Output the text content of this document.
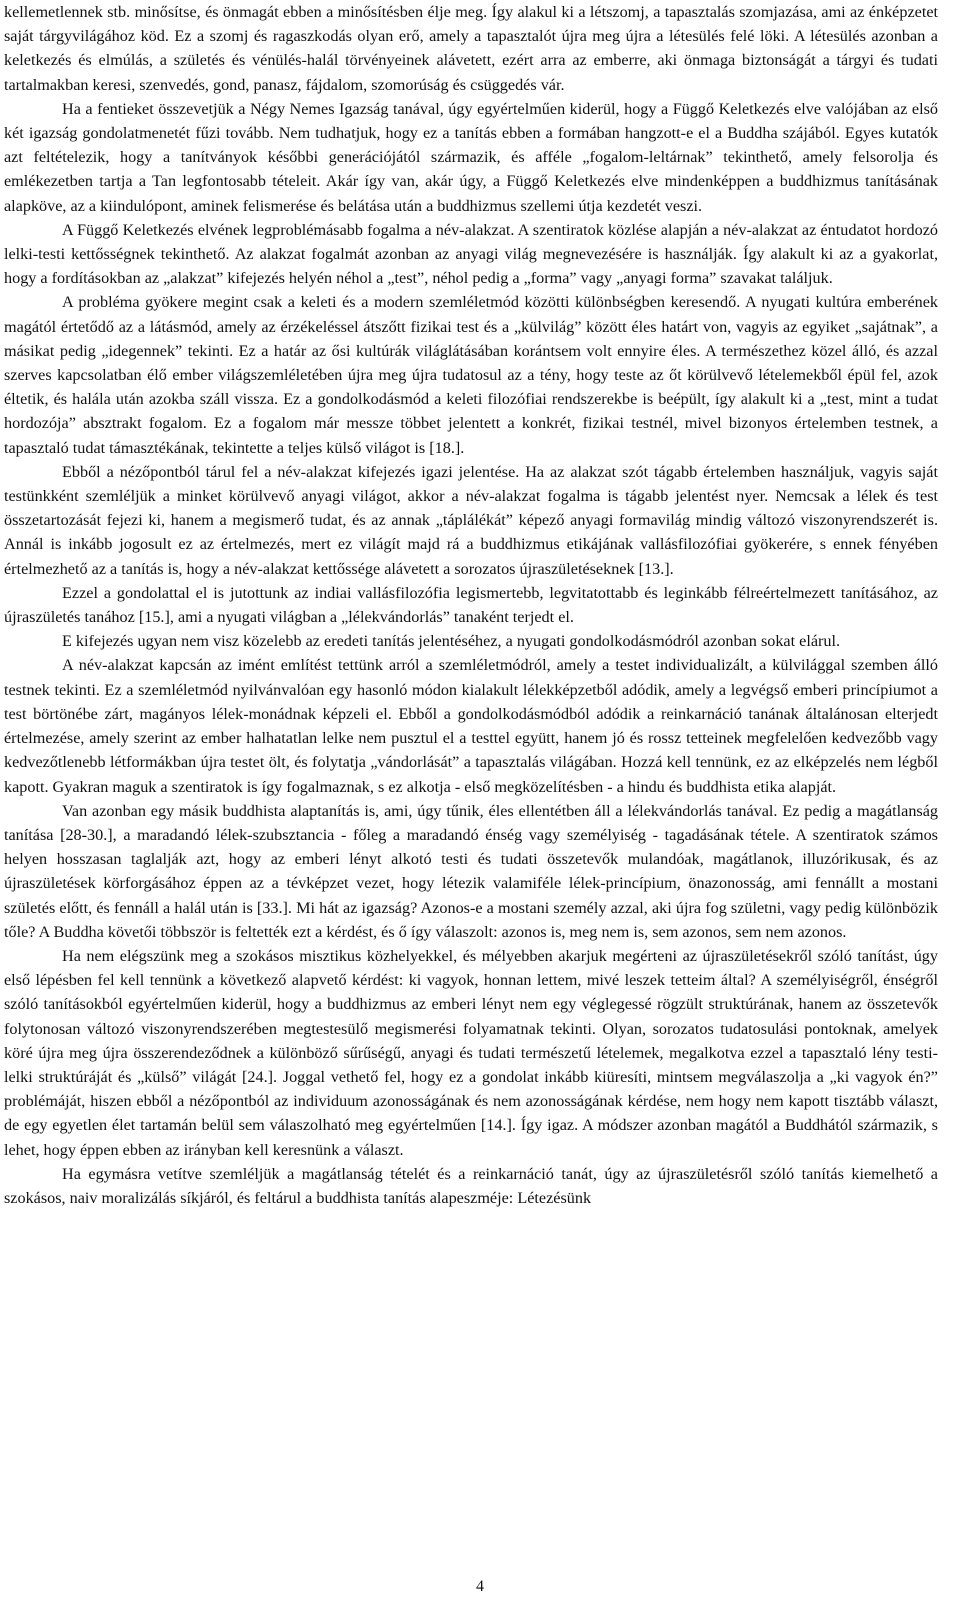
kellemetlennek stb. minősítse, és önmagát ebben a minősítésben élje meg. Így alakul ki a létszomj, a tapasztalás szomjazása, ami az énképzetet saját tárgyvilágához köd. Ez a szomj és ragaszkodás olyan erő, amely a tapasztalót újra meg újra a létesülés felé löki. A létesülés azonban a keletkezés és elmúlás, a születés és vénülés-halál törvényeinek alávetett, ezért arra az emberre, aki önmaga biztonságát a tárgyi és tudati tartalmakban keresi, szenvedés, gond, panasz, fájdalom, szomorúság és csüggedés vár.

Ha a fentieket összevetjük a Négy Nemes Igazság tanával, úgy egyértelműen kiderül, hogy a Függő Keletkezés elve valójában az első két igazság gondolatmenetét fűzi tovább. Nem tudhatjuk, hogy ez a tanítás ebben a formában hangzott-e el a Buddha szájából. Egyes kutatók azt feltételezik, hogy a tanítványok későbbi generációjától származik, és afféle „fogalom-leltárnak” tekinthető, amely felsorolja és emlékezetben tartja a Tan legfontosabb tételeit. Akár így van, akár úgy, a Függő Keletkezés elve mindenképpen a buddhizmus tanításának alapköve, az a kiindulópont, aminek felismerése és belátása után a buddhizmus szellemi útja kezdetét veszi.

A Függő Keletkezés elvének legproblémásabb fogalma a név-alakzat. A szentiratok közlése alapján a név-alakzat az éntudatot hordozó lelki-testi kettősségnek tekinthető. Az alakzat fogalmát azonban az anyagi világ megnevezésére is használják. Így alakult ki az a gyakorlat, hogy a fordításokban az „alakzat” kifejezés helyén néhol a „test”, néhol pedig a „forma” vagy „anyagi forma” szavakat találjuk.

A probléma gyökere megint csak a keleti és a modern szemléletmód közötti különbségben keresendő. A nyugati kultúra emberének magától értetődő az a látásmód, amely az érzékeléssel átszőtt fizikai test és a „külvilág” között éles határt von, vagyis az egyiket „sajátnak”, a másikat pedig „idegennek” tekinti. Ez a határ az ősi kultúrák világlátásában korántsem volt ennyire éles. A természethez közel álló, és azzal szerves kapcsolatban élő ember világszemléletében újra meg újra tudatosul az a tény, hogy teste az őt körülvevő lételemekből épül fel, azok éltetik, és halála után azokba száll vissza. Ez a gondolkodásmód a keleti filozófiai rendszerekbe is beépült, így alakult ki a „test, mint a tudat hordozója” absztrakt fogalom. Ez a fogalom már messze többet jelentett a konkrét, fizikai testnél, mivel bizonyos értelemben testnek, a tapasztaló tudat támasztékának, tekintette a teljes külső világot is [18.].

Ebből a nézőpontból tárul fel a név-alakzat kifejezés igazi jelentése. Ha az alakzat szót tágabb értelemben használjuk, vagyis saját testünkként szemléljük a minket körülvevő anyagi világot, akkor a név-alakzat fogalma is tágabb jelentést nyer. Nemcsak a lélek és test összetartozását fejezi ki, hanem a megismerő tudat, és az annak „táplálékát” képező anyagi formavilág mindig változó viszonyrendszerét is. Annál is inkább jogosult ez az értelmezés, mert ez világít majd rá a buddhizmus etikájának vallásfilozófiai gyökerére, s ennek fényében értelmezhető az a tanítás is, hogy a név-alakzat kettőssége alávetett a sorozatos újraszületéseknek [13.].

Ezzel a gondolattal el is jutottunk az indiai vallásfilozófia legismertebb, legvitatottabb és leginkább félreértelmezett tanításához, az újraszületés tanához [15.], ami a nyugati világban a „lélekvándorlás” tanaként terjedt el.

E kifejezés ugyan nem visz közelebb az eredeti tanítás jelentéséhez, a nyugati gondolkodásmódról azonban sokat elárul.

A név-alakzat kapcsán az imént említést tettünk arról a szemléletmódról, amely a testet individualizált, a külvilággal szemben álló testnek tekinti. Ez a szemléletmód nyilvánvalóan egy hasonló módon kialakult lélekképzetből adódik, amely a legvégső emberi princípiumot a test börtönébe zárt, magányos lélek-monádnak képzeli el. Ebből a gondolkodásmódból adódik a reinkarnáció tanának általánosan elterjedt értelmezése, amely szerint az ember halhatatlan lelke nem pusztul el a testtel együtt, hanem jó és rossz tetteinek megfelelően kedvezőbb vagy kedvezőtlenebb létformákban újra testet ölt, és folytatja „vándorlását” a tapasztalás világában. Hozzá kell tennünk, ez az elképzelés nem légből kapott. Gyakran maguk a szentiratok is így fogalmaznak, s ez alkotja - első megközelítésben - a hindu és buddhista etika alapját.

Van azonban egy másik buddhista alaptanítás is, ami, úgy tűnik, éles ellentétben áll a lélekvándorlás tanával. Ez pedig a magátlanság tanítása [28-30.], a maradandó lélek-szubsztancia - főleg a maradandó énség vagy személyiség - tagadásának tétele. A szentiratok számos helyen hosszasan taglalják azt, hogy az emberi lényt alkotó testi és tudati összetevők mulandóak, magátlanok, illuzórikusak, és az újraszületések körforgásához éppen az a tévképzet vezet, hogy létezik valamiféle lélek-princípium, önazonosság, ami fennállt a mostani születés előtt, és fennáll a halál után is [33.]. Mi hát az igazság? Azonos-e a mostani személy azzal, aki újra fog születni, vagy pedig különbözik tőle? A Buddha követői többször is feltették ezt a kérdést, és ő így válaszolt: azonos is, meg nem is, sem azonos, sem nem azonos.

Ha nem elégszünk meg a szokásos misztikus közhelyekkel, és mélyebben akarjuk megérteni az újraszületésekről szóló tanítást, úgy első lépésben fel kell tennünk a következő alapvető kérdést: ki vagyok, honnan lettem, mivé leszek tetteim által? A személyiségről, énségről szóló tanításokból egyértelműen kiderül, hogy a buddhizmus az emberi lényt nem egy véglegessé rögzült struktúrának, hanem az összetevők folytonosan változó viszonyrendszerében megtestesülő megismerési folyamatnak tekinti. Olyan, sorozatos tudatosulási pontoknak, amelyek köré újra meg újra összerendeződnek a különböző sűrűségű, anyagi és tudati természetű lételemek, megalkotva ezzel a tapasztaló lény testi-lelki struktúráját és „külső” világát [24.]. Joggal vethető fel, hogy ez a gondolat inkább kiüresíti, mintsem megválaszolja a „ki vagyok én?” problémáját, hiszen ebből a nézőpontból az individuum azonosságának és nem azonosságának kérdése, nem hogy nem kapott tisztább választ, de egy egyetlen élet tartamán belül sem válaszolható meg egyértelműen [14.]. Így igaz. A módszer azonban magától a Buddhától származik, s lehet, hogy éppen ebben az irányban kell keresnünk a választ.

Ha egymásra vetítve szemléljük a magátlanság tételét és a reinkarnáció tanát, úgy az újraszületésről szóló tanítás kiemelhető a szokásos, naiv moralizálás síkjáról, és feltárul a buddhista tanítás alapeszméje: Létezésünk

4
